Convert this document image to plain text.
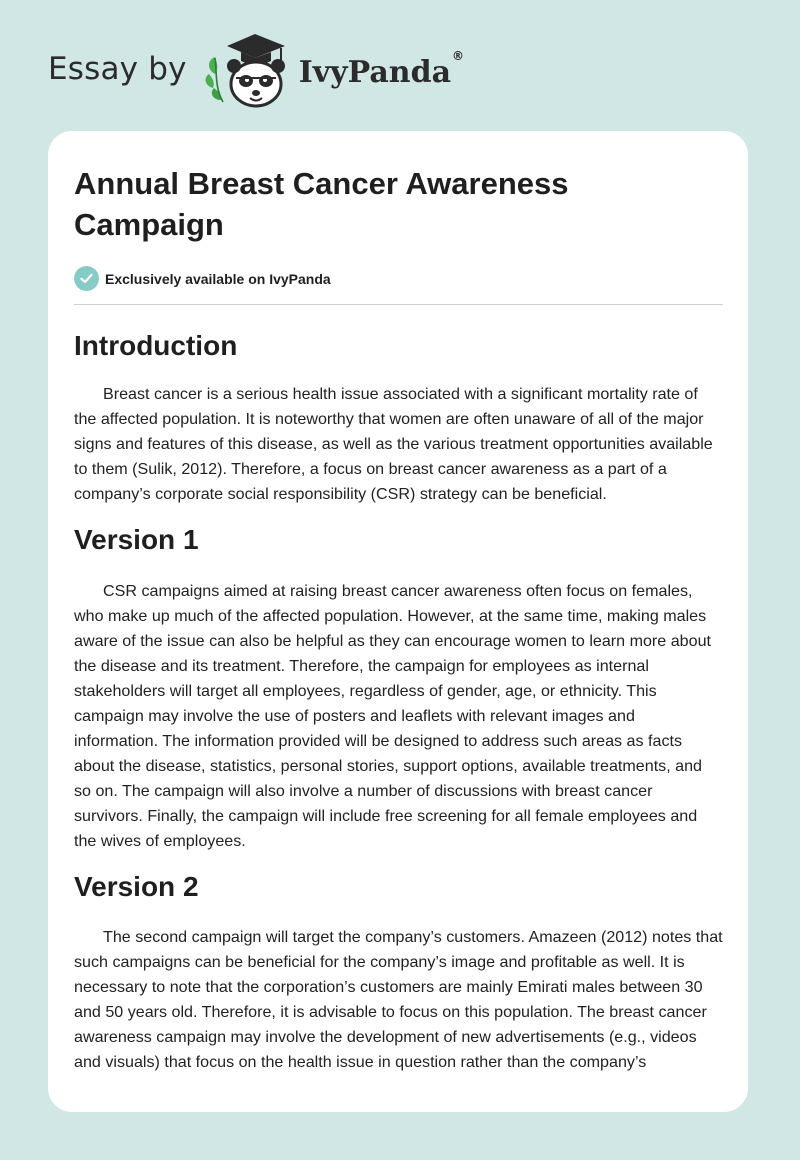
Essay by	IvyPanda®
Annual Breast Cancer Awareness Campaign
Exclusively available on IvyPanda
Introduction

Breast cancer is a serious health issue associated with a significant mortality rate of the affected population. It is noteworthy that women are often unaware of all of the major signs and features of this disease, as well as the various treatment opportunities available to them (Sulik, 2012). Therefore, a focus on breast cancer awareness as a part of a company’s corporate social responsibility (CSR) strategy can be beneficial.

Version 1

CSR campaigns aimed at raising breast cancer awareness often focus on females, who make up much of the affected population. However, at the same time, making males aware of the issue can also be helpful as they can encourage women to learn more about the disease and its treatment. Therefore, the campaign for employees as internal stakeholders will target all employees, regardless of gender, age, or ethnicity. This campaign may involve the use of posters and leaflets with relevant images and information. The information provided will be designed to address such areas as facts about the disease, statistics, personal stories, support options, available treatments, and so on. The campaign will also involve a number of discussions with breast cancer survivors. Finally, the campaign will include free screening for all female employees and the wives of employees.

Version 2

The second campaign will target the company’s customers. Amazeen (2012) notes that such campaigns can be beneficial for the company’s image and profitable as well. It is necessary to note that the corporation’s customers are mainly Emirati males between 30 and 50 years old. Therefore, it is advisable to focus on this population. The breast cancer awareness campaign may involve the development of new advertisements (e.g., videos and visuals) that focus on the health issue in question rather than the company’s
